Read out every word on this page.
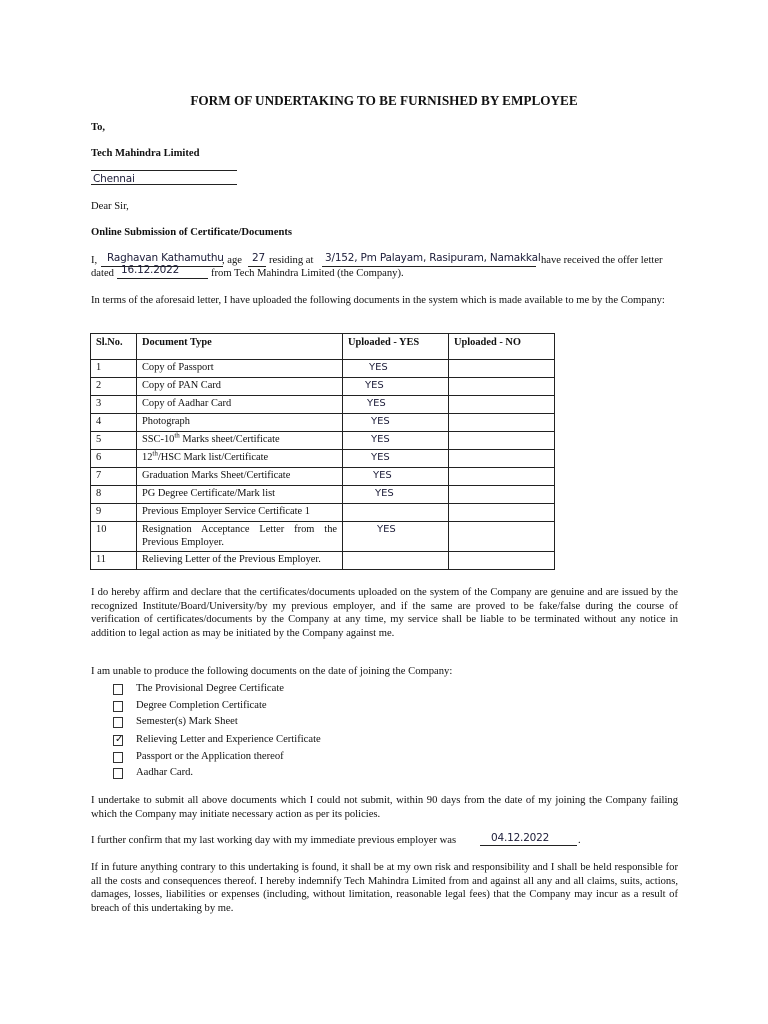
FORM OF UNDERTAKING TO BE FURNISHED BY EMPLOYEE
To,
Tech Mahindra Limited
Chennai
Dear Sir,
Online Submission of Certificate/Documents
I, Raghavan Kathamuthu
, age 27 residing at 3/152, Pm Palayam, Rasipuram, Namakkal have received the offer letter
dated 16.12.2022	from Tech Mahindra Limited (the Company).
In terms of the aforesaid letter, I have uploaded the following documents in the system which is made available to me by the Company:
Sl.No.	Document Type	Uploaded - YES	Uploaded - NO
1	Copy of Passport	YES	
2	Copy of PAN Card	YES	
3	Copy of Aadhar Card	YES	
4	Photograph	YES	
5	SSC-10th Marks sheet/Certificate	YES	
6	12th/HSC Mark list/Certificate	YES	
7	Graduation Marks Sheet/Certificate	YES	
8	PG Degree Certificate/Mark list	YES	
9	Previous Employer Service Certificate 1		
10	Resignation Acceptance Letter from the Previous Employer.	YES	
11	Relieving Letter of the Previous Employer.		
I do hereby affirm and declare that the certificates/documents uploaded on the system of the Company are genuine and are issued by the recognized Institute/Board/University/by my previous employer, and if the same are proved to be fake/false during the course of verification of certificates/documents by the Company at any time, my service shall be liable to be terminated without any notice in addition to legal action as may be initiated by the Company against me.
I am unable to produce the following documents on the date of joining the Company:
The Provisional Degree Certificate
Degree Completion Certificate
Semester(s) Mark Sheet
✓ Relieving Letter and Experience Certificate
Passport or the Application thereof
Aadhar Card.
I undertake to submit all above documents which I could not submit, within 90 days from the date of my joining the Company failing which the Company may initiate necessary action as per its policies.
I further confirm that my last working day with my immediate previous employer was	04.12.2022	.
If in future anything contrary to this undertaking is found, it shall be at my own risk and responsibility and I shall be held responsible for all the costs and consequences thereof. I hereby indemnify Tech Mahindra Limited from and against all any and all claims, suits, actions, damages, losses, liabilities or expenses (including, without limitation, reasonable legal fees) that the Company may incur as a result of breach of this undertaking by me.
